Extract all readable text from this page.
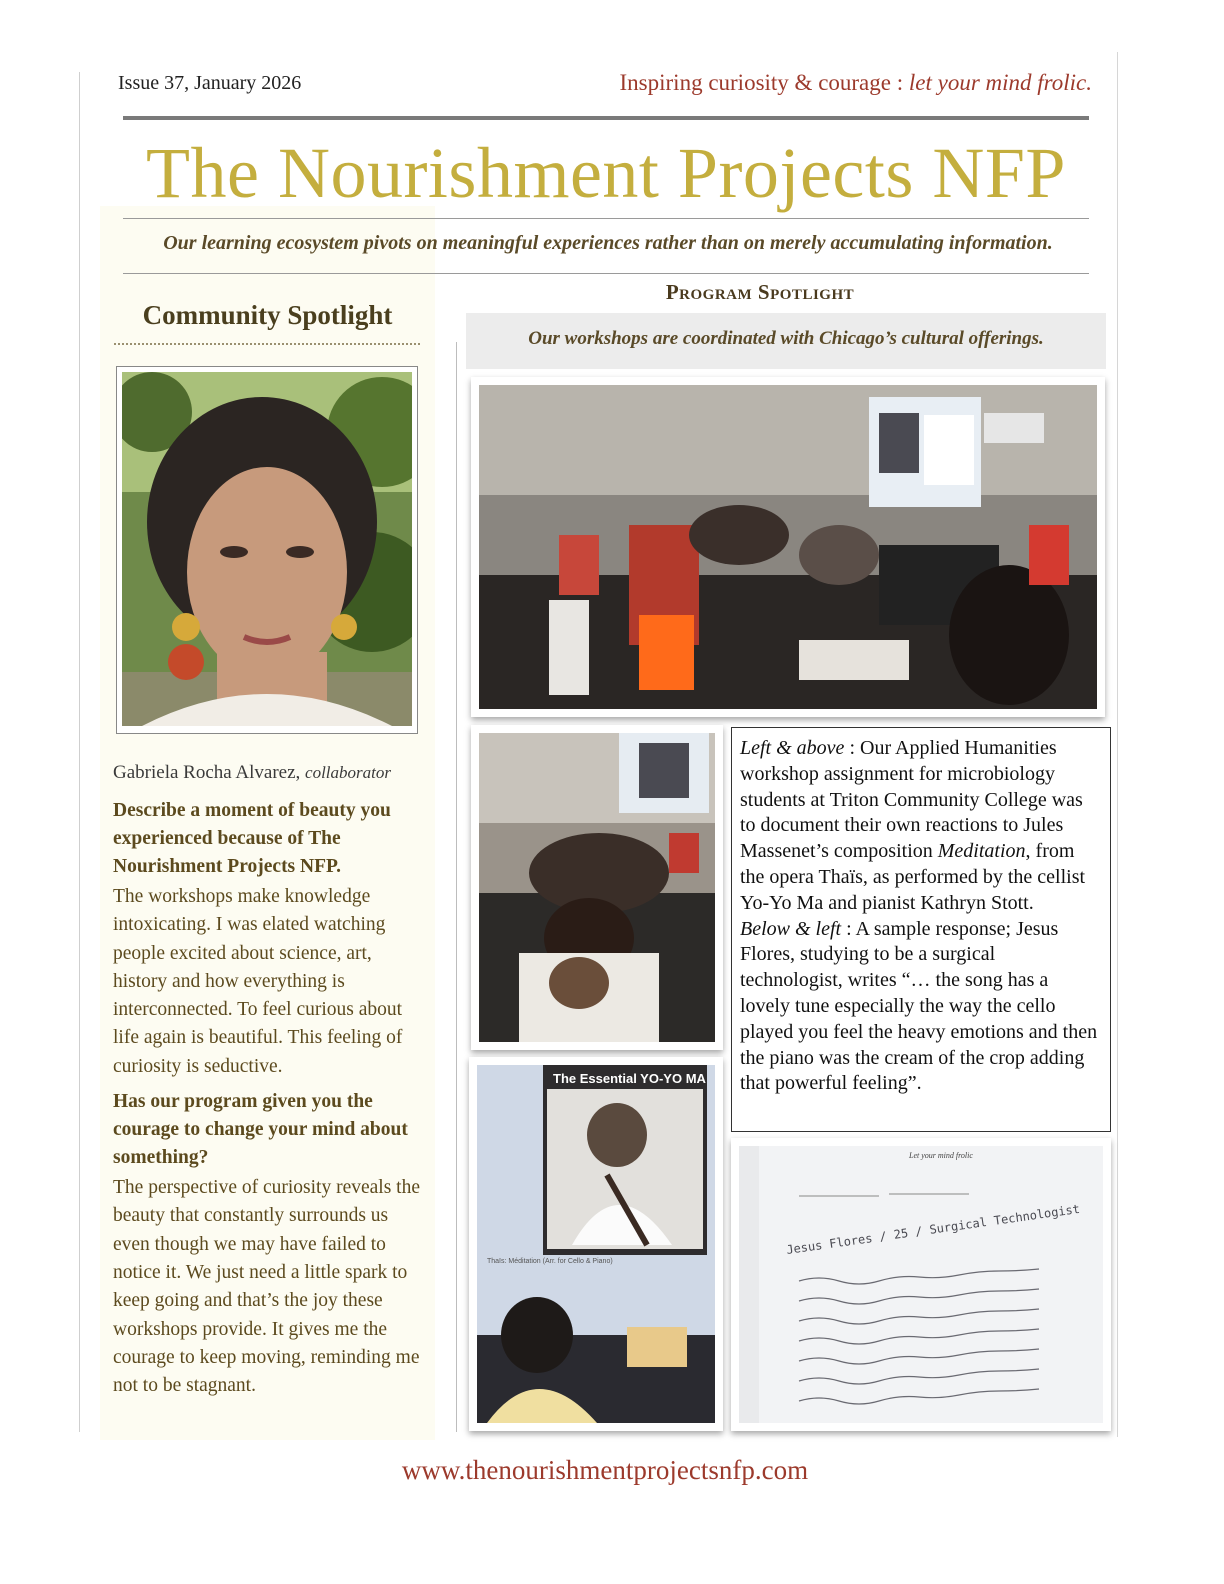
Issue 37, January 2026	Inspiring curiosity & courage : let your mind frolic.
The Nourishment Projects NFP
Our learning ecosystem pivots on meaningful experiences rather than on merely accumulating information.
Community Spotlight
Gabriela Rocha Alvarez, collaborator

Describe a moment of beauty you experienced because of The Nourishment Projects NFP.

The workshops make knowledge intoxicating. I was elated watching people excited about science, art, history and how everything is interconnected. To feel curious about life again is beautiful. This feeling of curiosity is seductive.

Has our program given you the courage to change your mind about something?

The perspective of curiosity reveals the beauty that constantly surrounds us even though we may have failed to notice it. We just need a little spark to keep going and that’s the joy these workshops provide. It gives me the courage to keep moving, reminding me not to be stagnant.

Program Spotlight
Our workshops are coordinated with Chicago’s cultural offerings.
The Essential YO-YO MA
Thaïs: Méditation (Arr. for Cello & Piano)

Left & above : Our Applied Humanities workshop assignment for microbiology students at Triton Community College was to document their own reactions to Jules Massenet’s composition Meditation, from the opera Thaïs, as performed by the cellist Yo-Yo Ma and pianist Kathryn Stott.

Below & left : A sample response; Jesus Flores, studying to be a surgical technologist, writes “… the song has a lovely tune especially the way the cello played you feel the heavy emotions and then the piano was the cream of the crop adding that powerful feeling”.

Let your mind frolic
Jesus Flores / 25 / Surgical Technologist
www.thenourishmentprojectsnfp.com
